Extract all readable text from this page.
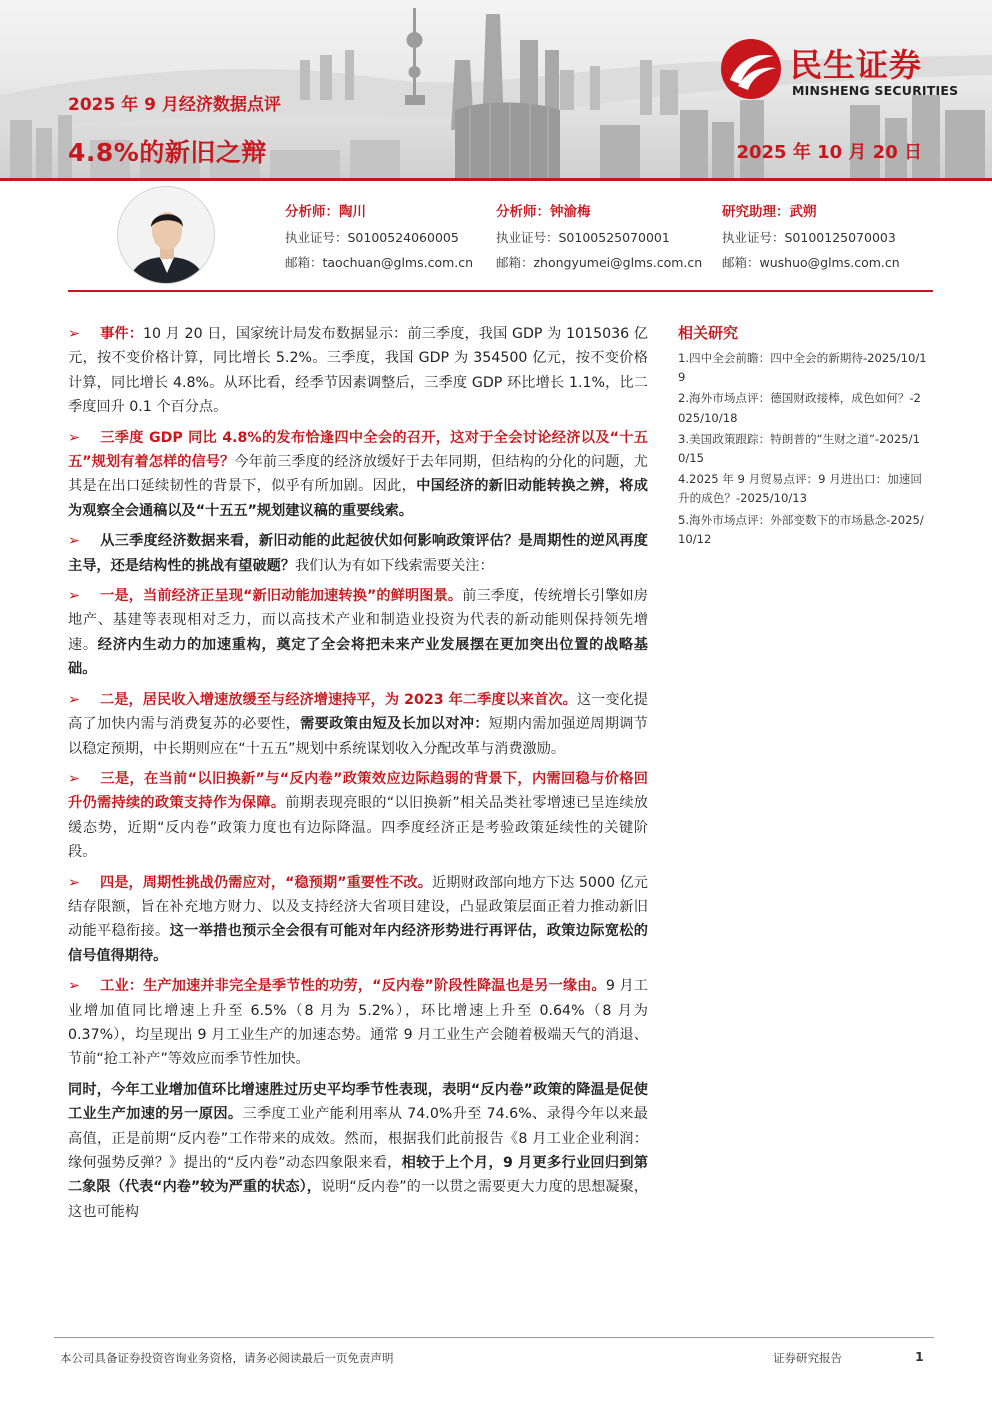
2025 年 9 月经济数据点评
4.8%的新旧之辩	2025 年 10 月 20 日
民生证券
MINSHENG SECURITIES
分析师：陶川
执业证号：S0100524060005
邮箱：taochuan@glms.com.cn
分析师：钟渝梅
执业证号：S0100525070001
邮箱：zhongyumei@glms.com.cn
研究助理：武朔
执业证号：S0100125070003
邮箱：wushuo@glms.com.cn

➢ 事件：10 月 20 日，国家统计局发布数据显示：前三季度，我国 GDP 为 1015036 亿元，按不变价格计算，同比增长 5.2%。三季度，我国 GDP 为 354500 亿元，按不变价格计算，同比增长 4.8%。从环比看，经季节因素调整后，三季度 GDP 环比增长 1.1%，比二季度回升 0.1 个百分点。

➢ 三季度 GDP 同比 4.8%的发布恰逢四中全会的召开，这对于全会讨论经济以及“十五五”规划有着怎样的信号？今年前三季度的经济放缓好于去年同期，但结构的分化的问题，尤其是在出口延续韧性的背景下，似乎有所加剧。因此，中国经济的新旧动能转换之辨，将成为观察全会通稿以及“十五五”规划建议稿的重要线索。

➢ 从三季度经济数据来看，新旧动能的此起彼伏如何影响政策评估？是周期性的逆风再度主导，还是结构性的挑战有望破题？我们认为有如下线索需要关注：

➢ 一是，当前经济正呈现“新旧动能加速转换”的鲜明图景。前三季度，传统增长引擎如房地产、基建等表现相对乏力，而以高技术产业和制造业投资为代表的新动能则保持领先增速。经济内生动力的加速重构，奠定了全会将把未来产业发展摆在更加突出位置的战略基础。

➢ 二是，居民收入增速放缓至与经济增速持平，为 2023 年二季度以来首次。这一变化提高了加快内需与消费复苏的必要性，需要政策由短及长加以对冲：短期内需加强逆周期调节以稳定预期，中长期则应在“十五五”规划中系统谋划收入分配改革与消费激励。

➢ 三是，在当前“以旧换新”与“反内卷”政策效应边际趋弱的背景下，内需回稳与价格回升仍需持续的政策支持作为保障。前期表现亮眼的“以旧换新”相关品类社零增速已呈连续放缓态势，近期“反内卷”政策力度也有边际降温。四季度经济正是考验政策延续性的关键阶段。

➢ 四是，周期性挑战仍需应对，“稳预期”重要性不改。近期财政部向地方下达 5000 亿元结存限额，旨在补充地方财力、以及支持经济大省项目建设，凸显政策层面正着力推动新旧动能平稳衔接。这一举措也预示全会很有可能对年内经济形势进行再评估，政策边际宽松的信号值得期待。

➢ 工业：生产加速并非完全是季节性的功劳，“反内卷”阶段性降温也是另一缘由。9 月工业增加值同比增速上升至 6.5%（8 月为 5.2%），环比增速上升至 0.64%（8 月为 0.37%），均呈现出 9 月工业生产的加速态势。通常 9 月工业生产会随着极端天气的消退、节前“抢工补产”等效应而季节性加快。

同时，今年工业增加值环比增速胜过历史平均季节性表现，表明“反内卷”政策的降温是促使工业生产加速的另一原因。三季度工业产能利用率从 74.0%升至 74.6%、录得今年以来最高值，正是前期“反内卷”工作带来的成效。然而，根据我们此前报告《8 月工业企业利润：缘何强势反弹？》提出的“反内卷”动态四象限来看，相较于上个月，9 月更多行业回归到第二象限（代表“内卷”较为严重的状态），说明“反内卷”的一以贯之需要更大力度的思想凝聚，这也可能构

相关研究
1.四中全会前瞻：四中全会的新期待-2025/10/19
2.海外市场点评：德国财政接棒，成色如何？-2025/10/18
3.美国政策跟踪：特朗普的“生财之道”-2025/10/15
4.2025 年 9 月贸易点评：9 月进出口：加速回升的成色？-2025/10/13
5.海外市场点评：外部变数下的市场悬念-2025/10/12
本公司具备证券投资咨询业务资格，请务必阅读最后一页免责声明	证券研究报告	1
